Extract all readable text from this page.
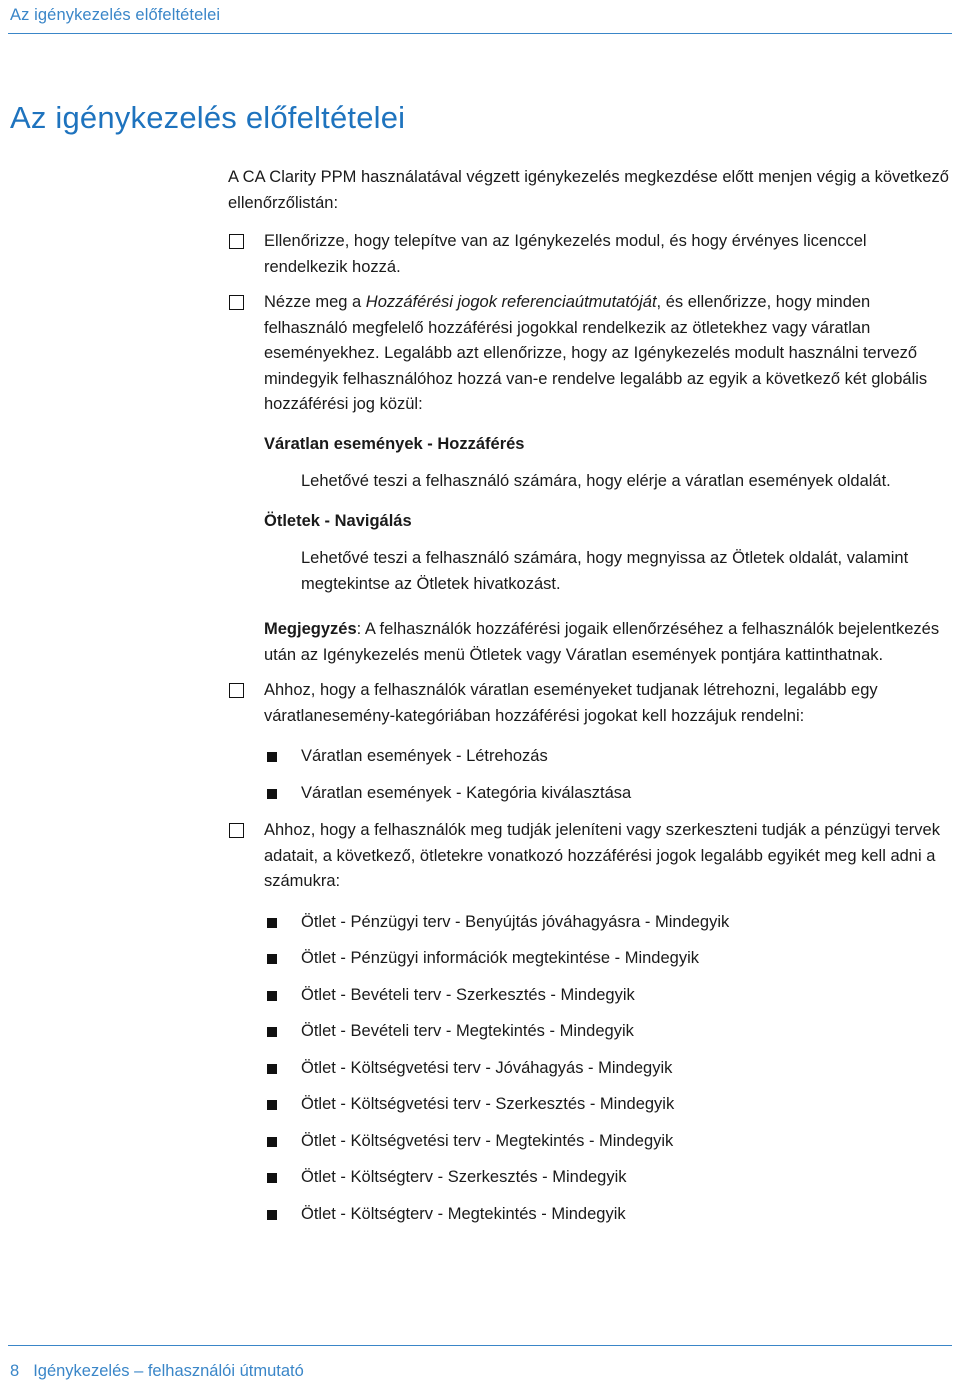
Az igénykezelés előfeltételei
Az igénykezelés előfeltételei

A CA Clarity PPM használatával végzett igénykezelés megkezdése előtt menjen végig a következő ellenőrzőlistán:

Ellenőrizze, hogy telepítve van az Igénykezelés modul, és hogy érvényes licenccel rendelkezik hozzá.

Nézze meg a Hozzáférési jogok referenciaútmutatóját, és ellenőrizze, hogy minden felhasználó megfelelő hozzáférési jogokkal rendelkezik az ötletekhez vagy váratlan eseményekhez. Legalább azt ellenőrizze, hogy az Igénykezelés modult használni tervező mindegyik felhasználóhoz hozzá van-e rendelve legalább az egyik a következő két globális hozzáférési jog közül:

Váratlan események - Hozzáférés

Lehetővé teszi a felhasználó számára, hogy elérje a váratlan események oldalát.

Ötletek - Navigálás

Lehetővé teszi a felhasználó számára, hogy megnyissa az Ötletek oldalát, valamint megtekintse az Ötletek hivatkozást.

Megjegyzés: A felhasználók hozzáférési jogaik ellenőrzéséhez a felhasználók bejelentkezés után az Igénykezelés menü Ötletek vagy Váratlan események pontjára kattinthatnak.

Ahhoz, hogy a felhasználók váratlan eseményeket tudjanak létrehozni, legalább egy váratlanesemény-kategóriában hozzáférési jogokat kell hozzájuk rendelni:

Váratlan események - Létrehozás
Váratlan események - Kategória kiválasztása

Ahhoz, hogy a felhasználók meg tudják jeleníteni vagy szerkeszteni tudják a pénzügyi tervek adatait, a következő, ötletekre vonatkozó hozzáférési jogok legalább egyikét meg kell adni a számukra:

Ötlet - Pénzügyi terv - Benyújtás jóváhagyásra - Mindegyik
Ötlet - Pénzügyi információk megtekintése - Mindegyik
Ötlet - Bevételi terv - Szerkesztés - Mindegyik
Ötlet - Bevételi terv - Megtekintés - Mindegyik
Ötlet - Költségvetési terv - Jóváhagyás - Mindegyik
Ötlet - Költségvetési terv - Szerkesztés - Mindegyik
Ötlet - Költségvetési terv - Megtekintés - Mindegyik
Ötlet - Költségterv - Szerkesztés - Mindegyik
Ötlet - Költségterv - Megtekintés - Mindegyik
8 Igénykezelés – felhasználói útmutató
